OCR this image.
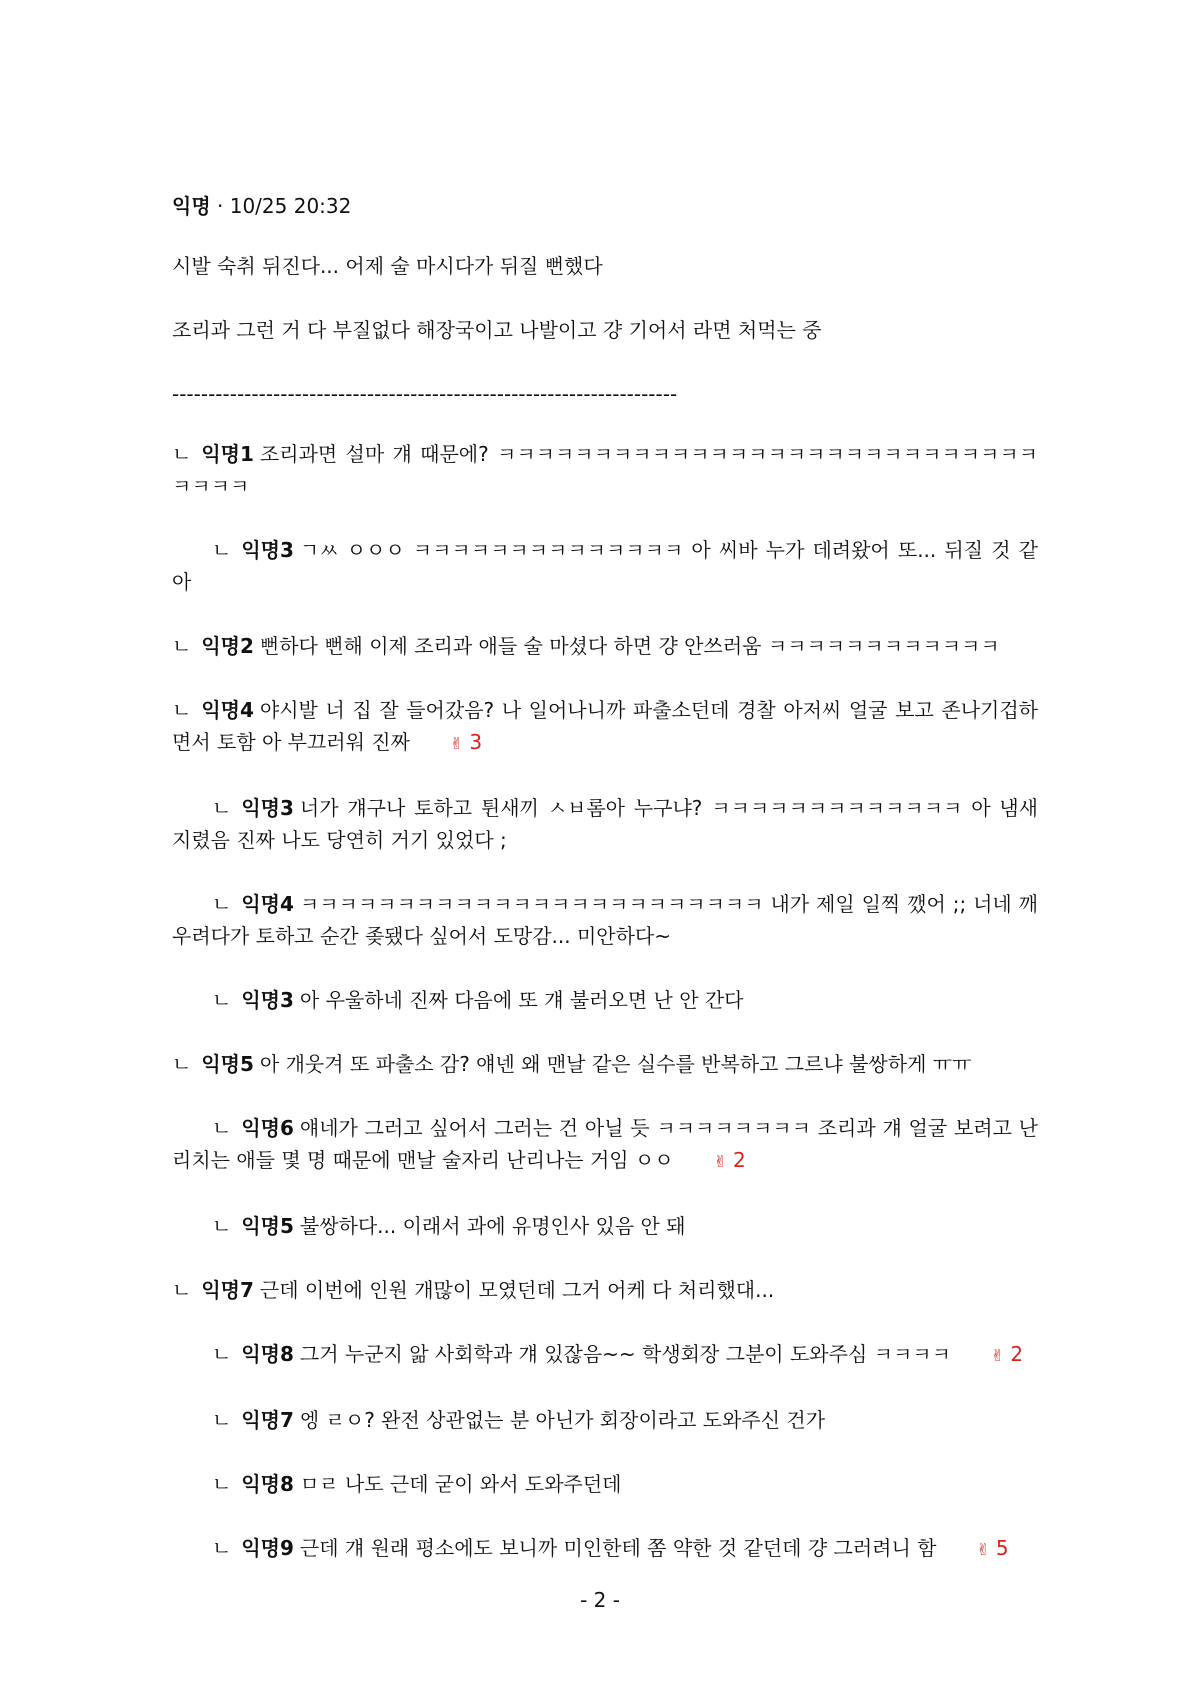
익명 · 10/25 20:32

시발 숙취 뒤진다... 어제 술 마시다가 뒤질 뻔했다

조리과 그런 거 다 부질없다 해장국이고 나발이고 걍 기어서 라면 처먹는 중

----------------------------------------------------------------------

ㄴ 익명1 조리과면 설마 걔 때문에? ㅋㅋㅋㅋㅋㅋㅋㅋㅋㅋㅋㅋㅋㅋㅋㅋㅋㅋㅋㅋㅋㅋㅋㅋㅋㅋㅋㅋㅋㅋㅋㅋ

ㄴ 익명3 ㄱㅆ ㅇㅇㅇ ㅋㅋㅋㅋㅋㅋㅋㅋㅋㅋㅋㅋㅋㅋ 아 씨바 누가 데려왔어 또... 뒤질 것 같아

ㄴ 익명2 뻔하다 뻔해 이제 조리과 애들 술 마셨다 하면 걍 안쓰러움 ㅋㅋㅋㅋㅋㅋㅋㅋㅋㅋㅋㅋ

ㄴ 익명4 야시발 너 집 잘 들어갔음? 나 일어나니까 파출소던데 경찰 아저씨 얼굴 보고 존나기겁하면서 토함 아 부끄러워 진짜	✌ 3

ㄴ 익명3 너가 걔구나 토하고 튄새끼 ㅅㅂ롬아 누구냐? ㅋㅋㅋㅋㅋㅋㅋㅋㅋㅋㅋㅋㅋ 아 냄새 지렸음 진짜 나도 당연히 거기 있었다 ;

ㄴ 익명4 ㅋㅋㅋㅋㅋㅋㅋㅋㅋㅋㅋㅋㅋㅋㅋㅋㅋㅋㅋㅋㅋㅋㅋㅋ 내가 제일 일찍 깼어 ;; 너네 깨우려다가 토하고 순간 좆됐다 싶어서 도망감... 미안하다~

ㄴ 익명3 아 우울하네 진짜 다음에 또 걔 불러오면 난 안 간다

ㄴ 익명5 아 개웃겨 또 파출소 감? 얘넨 왜 맨날 같은 실수를 반복하고 그르냐 불쌍하게 ㅠㅠ

ㄴ 익명6 얘네가 그러고 싶어서 그러는 건 아닐 듯 ㅋㅋㅋㅋㅋㅋㅋㅋ 조리과 걔 얼굴 보려고 난리치는 애들 몇 명 때문에 맨날 술자리 난리나는 거임 ㅇㅇ	✌ 2

ㄴ 익명5 불쌍하다... 이래서 과에 유명인사 있음 안 돼

ㄴ 익명7 근데 이번에 인원 개많이 모였던데 그거 어케 다 처리했대...

ㄴ 익명8 그거 누군지 앎 사회학과 걔 있잖음~~ 학생회장 그분이 도와주심 ㅋㅋㅋㅋ	✌ 2

ㄴ 익명7 엥 ㄹㅇ? 완전 상관없는 분 아닌가 회장이라고 도와주신 건가

ㄴ 익명8 ㅁㄹ 나도 근데 굳이 와서 도와주던데

ㄴ 익명9 근데 걔 원래 평소에도 보니까 미인한테 쫌 약한 것 같던데 걍 그러려니 함	✌ 5

- 2 -
